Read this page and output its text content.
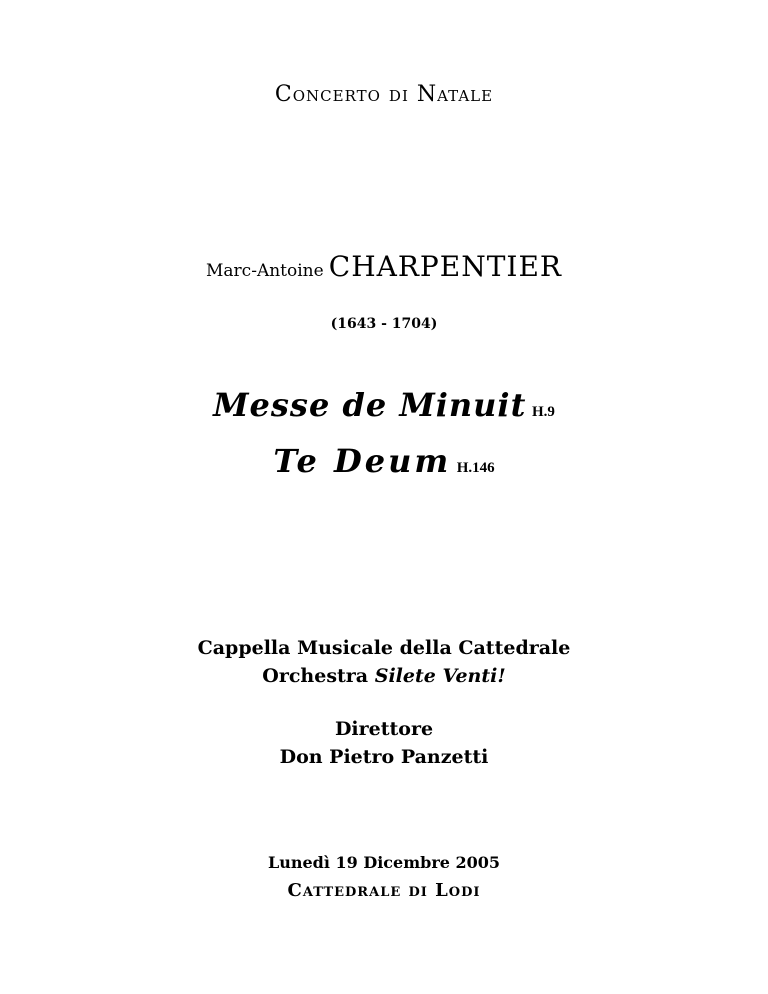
Concerto di Natale
Marc-Antoine CHARPENTIER
(1643 - 1704)
Messe de Minuit H.9
Te Deum H.146
Cappella Musicale della Cattedrale
Orchestra Silete Venti!
Direttore
Don Pietro Panzetti
Lunedì 19 Dicembre 2005
Cattedrale di Lodi
